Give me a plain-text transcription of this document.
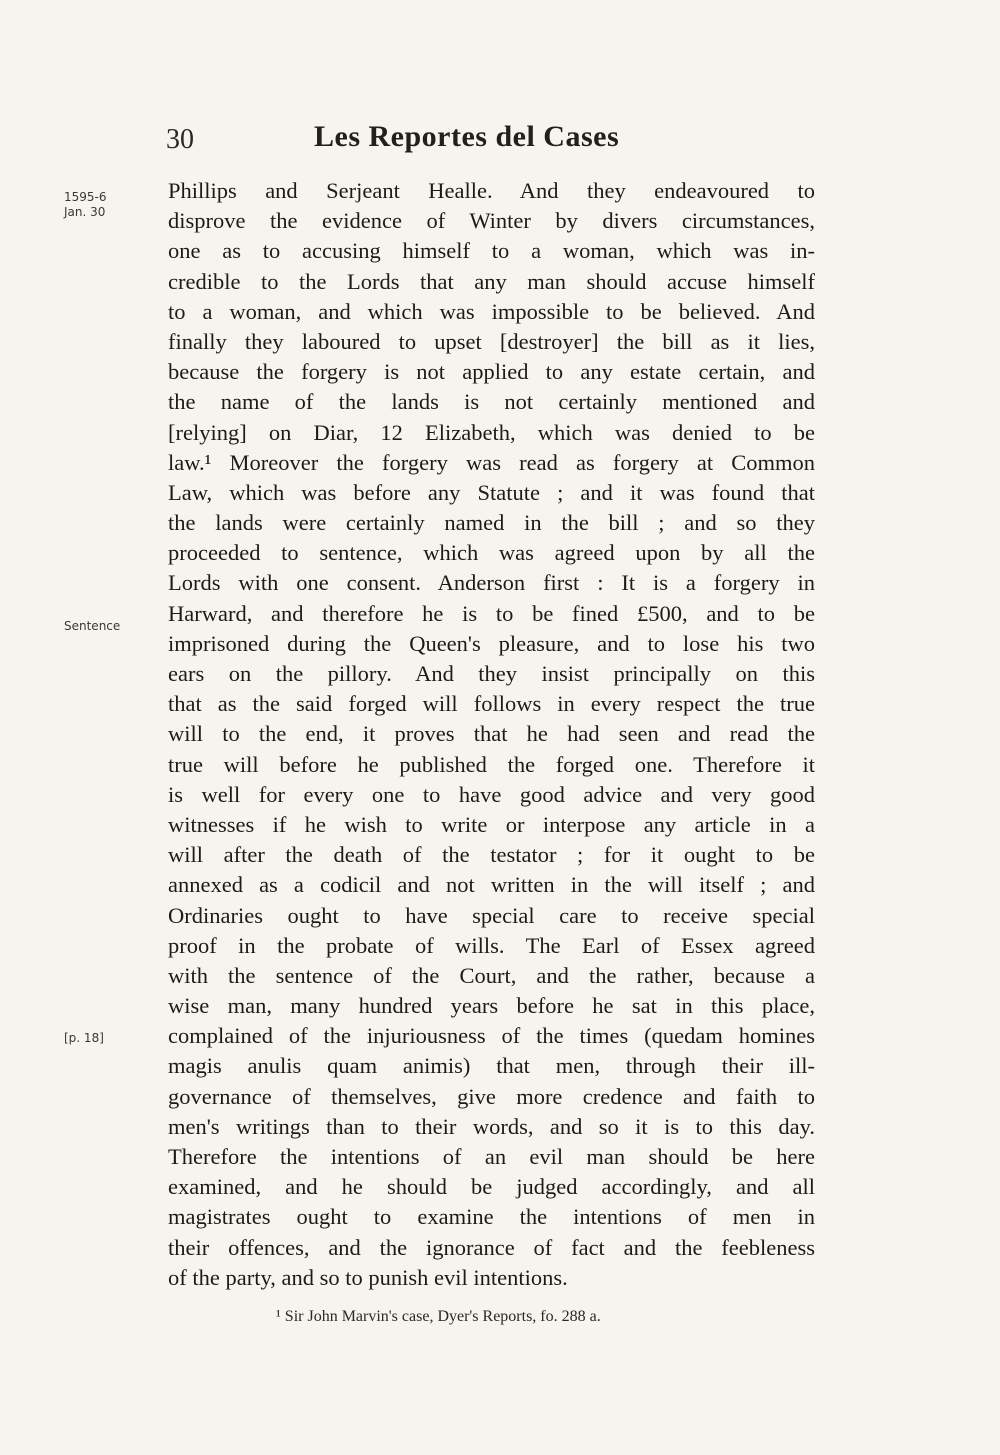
30	Les Reportes del Cases
1595-6
Jan. 30
Sentence
[p. 18]
Phillips and Serjeant Healle. And they endeavoured to
disprove the evidence of Winter by divers circumstances,
one as to accusing himself to a woman, which was in-
credible to the Lords that any man should accuse himself
to a woman, and which was impossible to be believed. And
finally they laboured to upset [destroyer] the bill as it lies,
because the forgery is not applied to any estate certain, and
the name of the lands is not certainly mentioned and
[relying] on Diar, 12 Elizabeth, which was denied to be
law.¹ Moreover the forgery was read as forgery at Common
Law, which was before any Statute ; and it was found that
the lands were certainly named in the bill ; and so they
proceeded to sentence, which was agreed upon by all the
Lords with one consent. Anderson first : It is a forgery in
Harward, and therefore he is to be fined £500, and to be
imprisoned during the Queen's pleasure, and to lose his two
ears on the pillory. And they insist principally on this
that as the said forged will follows in every respect the true
will to the end, it proves that he had seen and read the
true will before he published the forged one. Therefore it
is well for every one to have good advice and very good
witnesses if he wish to write or interpose any article in a
will after the death of the testator ; for it ought to be
annexed as a codicil and not written in the will itself ; and
Ordinaries ought to have special care to receive special
proof in the probate of wills. The Earl of Essex agreed
with the sentence of the Court, and the rather, because a
wise man, many hundred years before he sat in this place,
complained of the injuriousness of the times (quedam homines
magis anulis quam animis) that men, through their ill-
governance of themselves, give more credence and faith to
men's writings than to their words, and so it is to this day.
Therefore the intentions of an evil man should be here
examined, and he should be judged accordingly, and all
magistrates ought to examine the intentions of men in
their offences, and the ignorance of fact and the feebleness
of the party, and so to punish evil intentions.
¹ Sir John Marvin's case, Dyer's Reports, fo. 288 a.
